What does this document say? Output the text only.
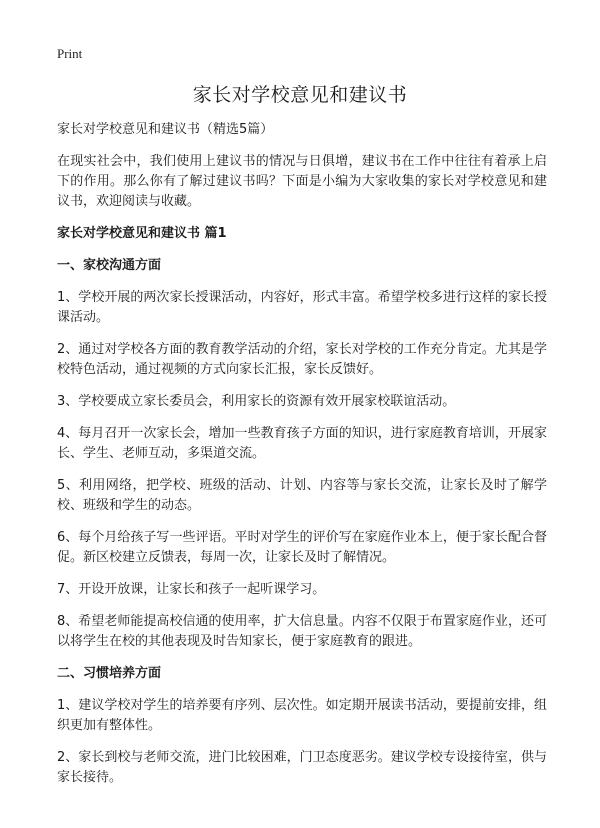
Print
家长对学校意见和建议书

家长对学校意见和建议书（精选5篇）

在现实社会中，我们使用上建议书的情况与日俱增，建议书在工作中往往有着承上启下的作用。那么你有了解过建议书吗？下面是小编为大家收集的家长对学校意见和建议书，欢迎阅读与收藏。

家长对学校意见和建议书 篇1

一、家校沟通方面

1、学校开展的两次家长授课活动，内容好，形式丰富。希望学校多进行这样的家长授课活动。

2、通过对学校各方面的教育教学活动的介绍，家长对学校的工作充分肯定。尤其是学校特色活动，通过视频的方式向家长汇报，家长反馈好。

3、学校要成立家长委员会，利用家长的资源有效开展家校联谊活动。

4、每月召开一次家长会，增加一些教育孩子方面的知识，进行家庭教育培训，开展家长、学生、老师互动，多渠道交流。

5、利用网络，把学校、班级的活动、计划、内容等与家长交流，让家长及时了解学校、班级和学生的动态。

6、每个月给孩子写一些评语。平时对学生的评价写在家庭作业本上，便于家长配合督促。新区校建立反馈表，每周一次，让家长及时了解情况。

7、开设开放课，让家长和孩子一起听课学习。

8、希望老师能提高校信通的使用率，扩大信息量。内容不仅限于布置家庭作业，还可以将学生在校的其他表现及时告知家长，便于家庭教育的跟进。

二、习惯培养方面

1、建议学校对学生的培养要有序列、层次性。如定期开展读书活动，要提前安排，组织更加有整体性。

2、家长到校与老师交流，进门比较困难，门卫态度恶劣。建议学校专设接待室，供与家长接待。
